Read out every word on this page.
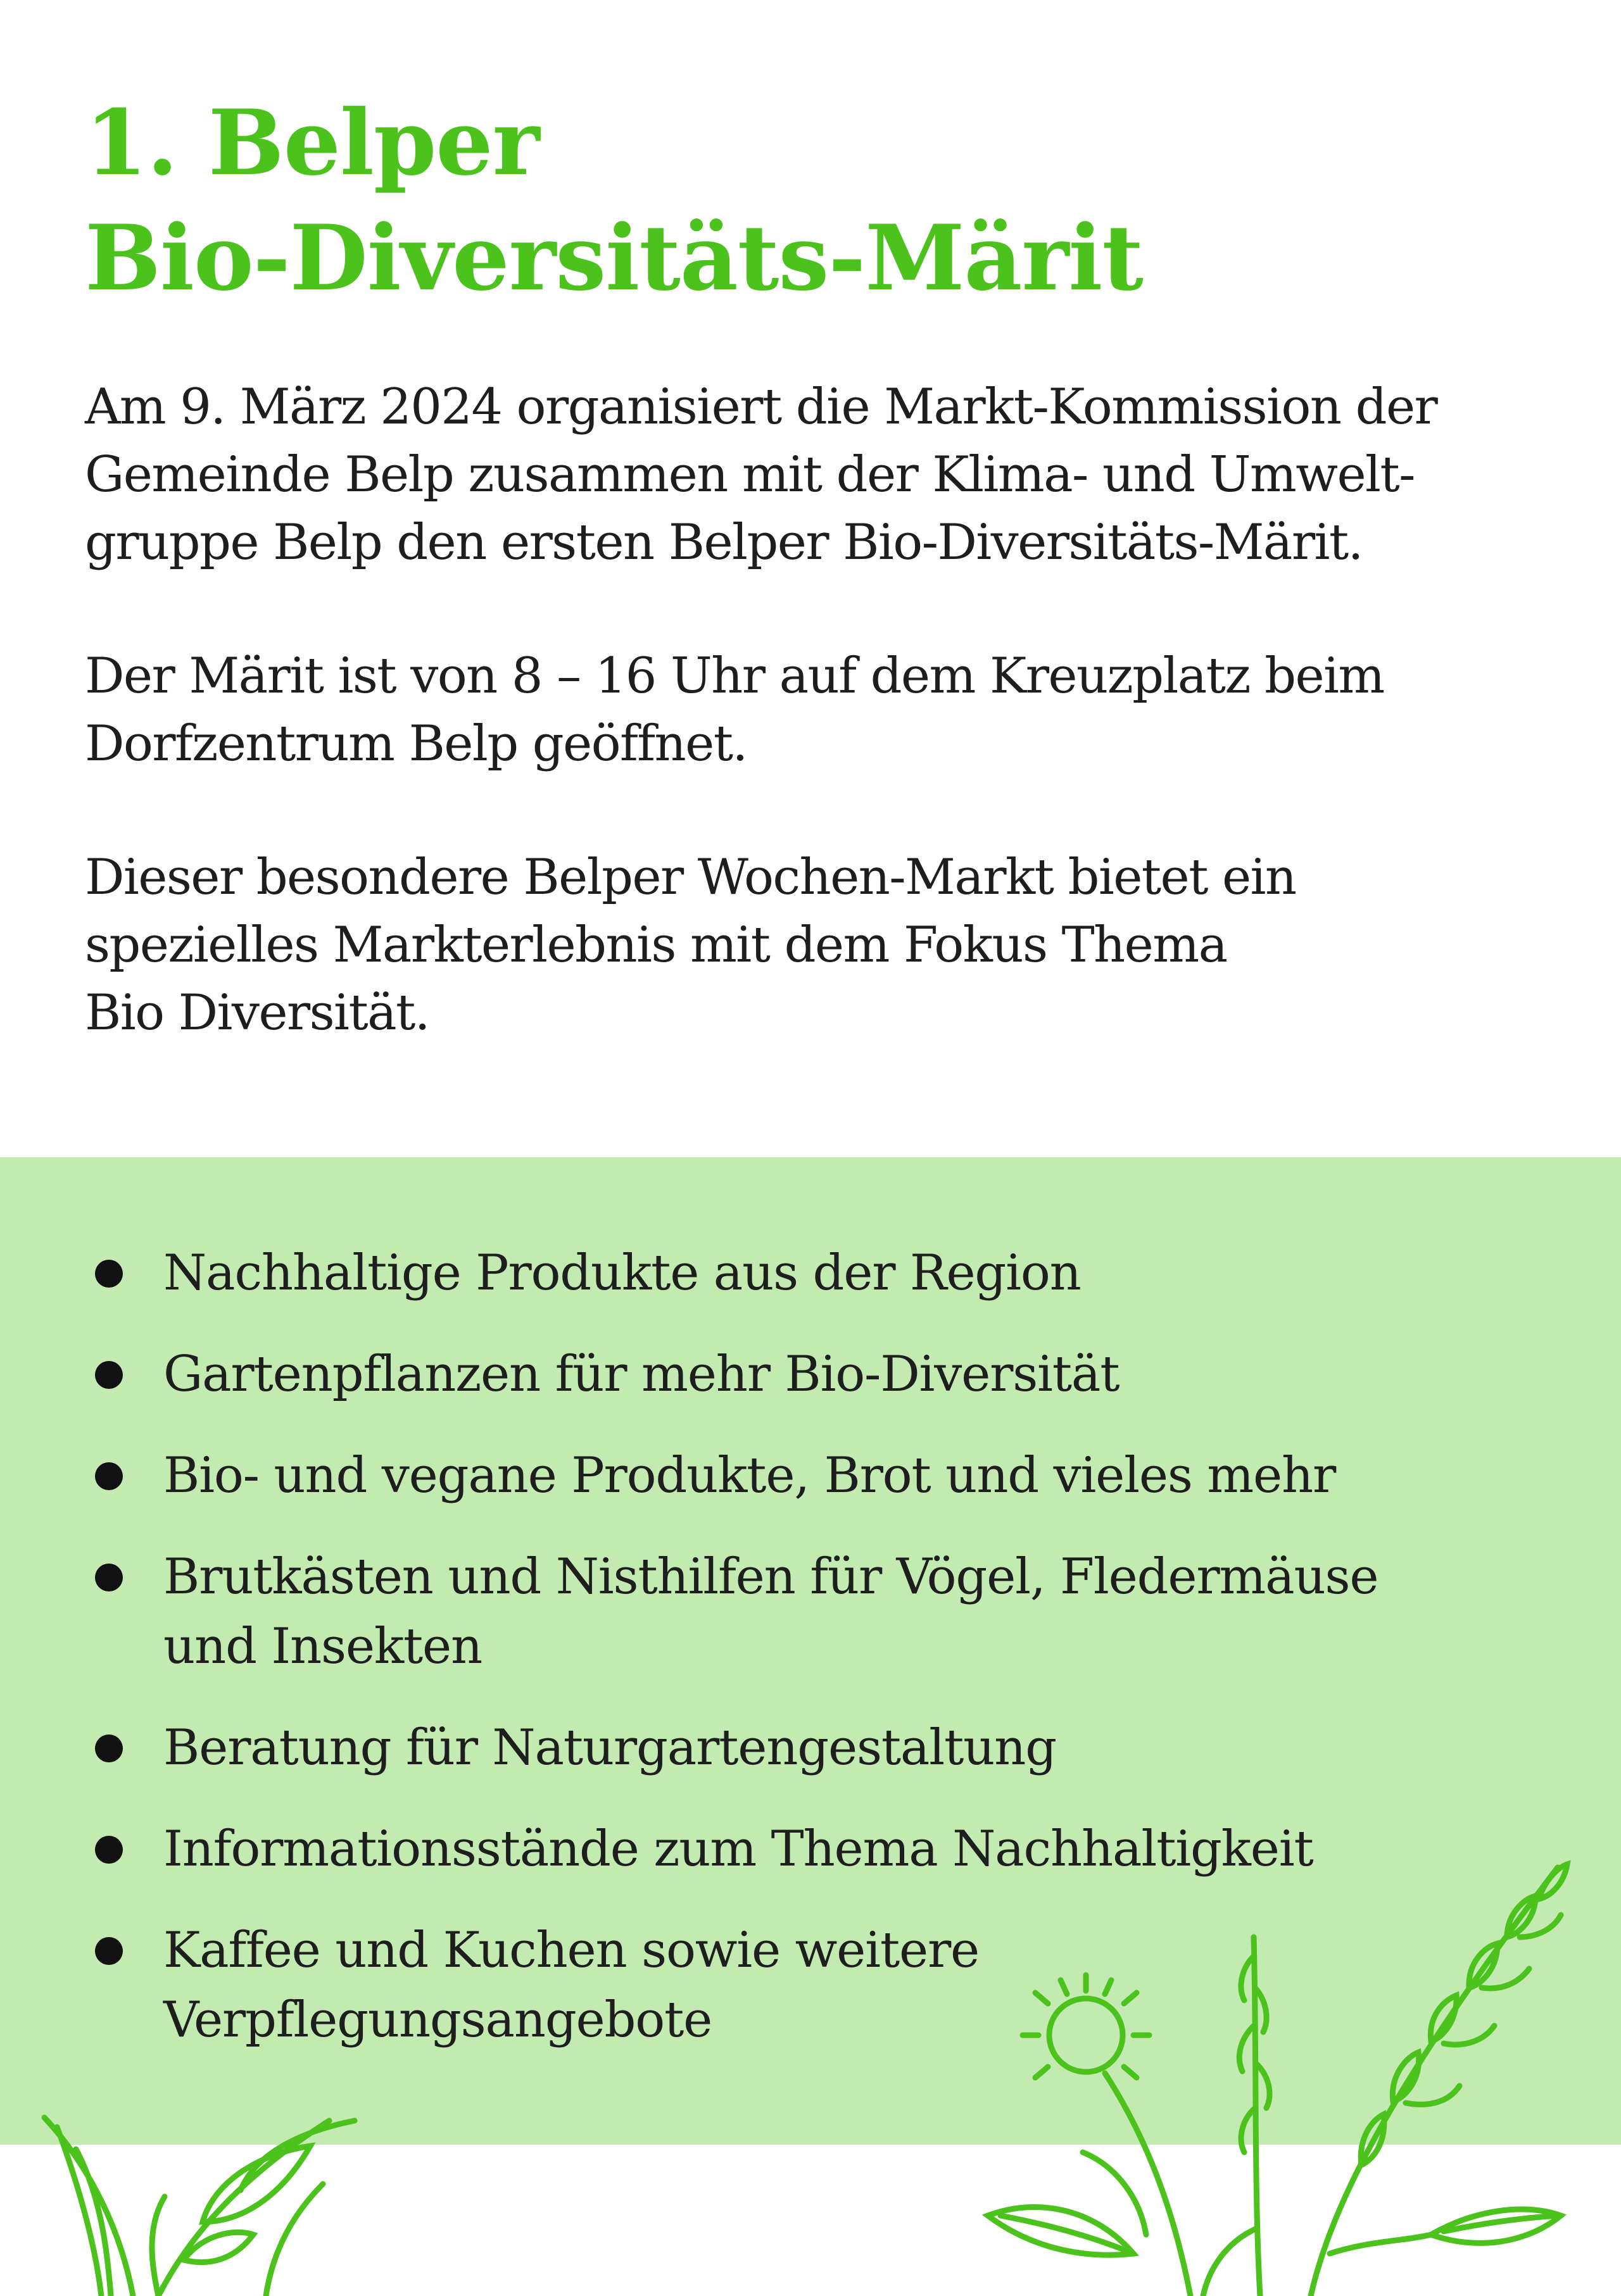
1. Belper
Bio-Diversitäts-Märit

Am 9. März 2024 organisiert die Markt-Kommission der
Gemeinde Belp zusammen mit der Klima- und Umwelt-
gruppe Belp den ersten Belper Bio-Diversitäts-Märit.

Der Märit ist von 8 – 16 Uhr auf dem Kreuzplatz beim
Dorfzentrum Belp geöffnet.

Dieser besondere Belper Wochen-Markt bietet ein
spezielles Markterlebnis mit dem Fokus Thema
Bio Diversität.

Nachhaltige Produkte aus der Region
Gartenpflanzen für mehr Bio-Diversität
Bio- und vegane Produkte, Brot und vieles mehr
Brutkästen und Nisthilfen für Vögel, Fledermäuse
und Insekten
Beratung für Naturgartengestaltung
Informationsstände zum Thema Nachhaltigkeit
Kaffee und Kuchen sowie weitere
Verpflegungsangebote
